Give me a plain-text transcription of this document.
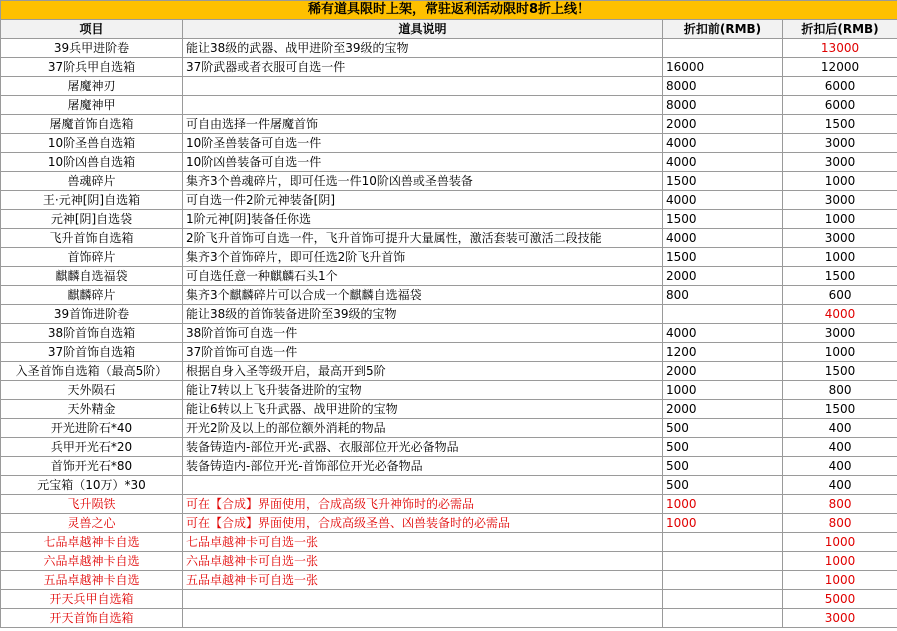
稀有道具限时上架，常驻返利活动限时8折上线！			
项目	道具说明	折扣前(RMB)	折扣后(RMB)
39兵甲进阶卷	能让38级的武器、战甲进阶至39级的宝物		13000
37阶兵甲自选箱	37阶武器或者衣服可自选一件	16000	12000
屠魔神刃		8000	6000
屠魔神甲		8000	6000
屠魔首饰自选箱	可自由选择一件屠魔首饰	2000	1500
10阶圣兽自选箱	10阶圣兽装备可自选一件	4000	3000
10阶凶兽自选箱	10阶凶兽装备可自选一件	4000	3000
兽魂碎片	集齐3个兽魂碎片，即可任选一件10阶凶兽或圣兽装备	1500	1000
王·元神[阴]自选箱	可自选一件2阶元神装备[阴]	4000	3000
元神[阴]自选袋	1阶元神[阴]装备任你选	1500	1000
飞升首饰自选箱	2阶飞升首饰可自选一件，飞升首饰可提升大量属性，激活套装可激活二段技能	4000	3000
首饰碎片	集齐3个首饰碎片，即可任选2阶飞升首饰	1500	1000
麒麟自选福袋	可自选任意一种麒麟石头1个	2000	1500
麒麟碎片	集齐3个麒麟碎片可以合成一个麒麟自选福袋	800	600
39首饰进阶卷	能让38级的首饰装备进阶至39级的宝物		4000
38阶首饰自选箱	38阶首饰可自选一件	4000	3000
37阶首饰自选箱	37阶首饰可自选一件	1200	1000
入圣首饰自选箱（最高5阶）	根据自身入圣等级开启，最高开到5阶	2000	1500
天外陨石	能让7转以上飞升装备进阶的宝物	1000	800
天外精金	能让6转以上飞升武器、战甲进阶的宝物	2000	1500
开光进阶石*40	开光2阶及以上的部位额外消耗的物品	500	400
兵甲开光石*20	装备铸造内-部位开光-武器、衣服部位开光必备物品	500	400
首饰开光石*80	装备铸造内-部位开光-首饰部位开光必备物品	500	400
元宝箱（10万）*30		500	400
飞升陨铁	可在【合成】界面使用，合成高级飞升神饰时的必需品	1000	800
灵兽之心	可在【合成】界面使用，合成高级圣兽、凶兽装备时的必需品	1000	800
七品卓越神卡自选	七品卓越神卡可自选一张		1000
六品卓越神卡自选	六品卓越神卡可自选一张		1000
五品卓越神卡自选	五品卓越神卡可自选一张		1000
开天兵甲自选箱			5000
开天首饰自选箱			3000
